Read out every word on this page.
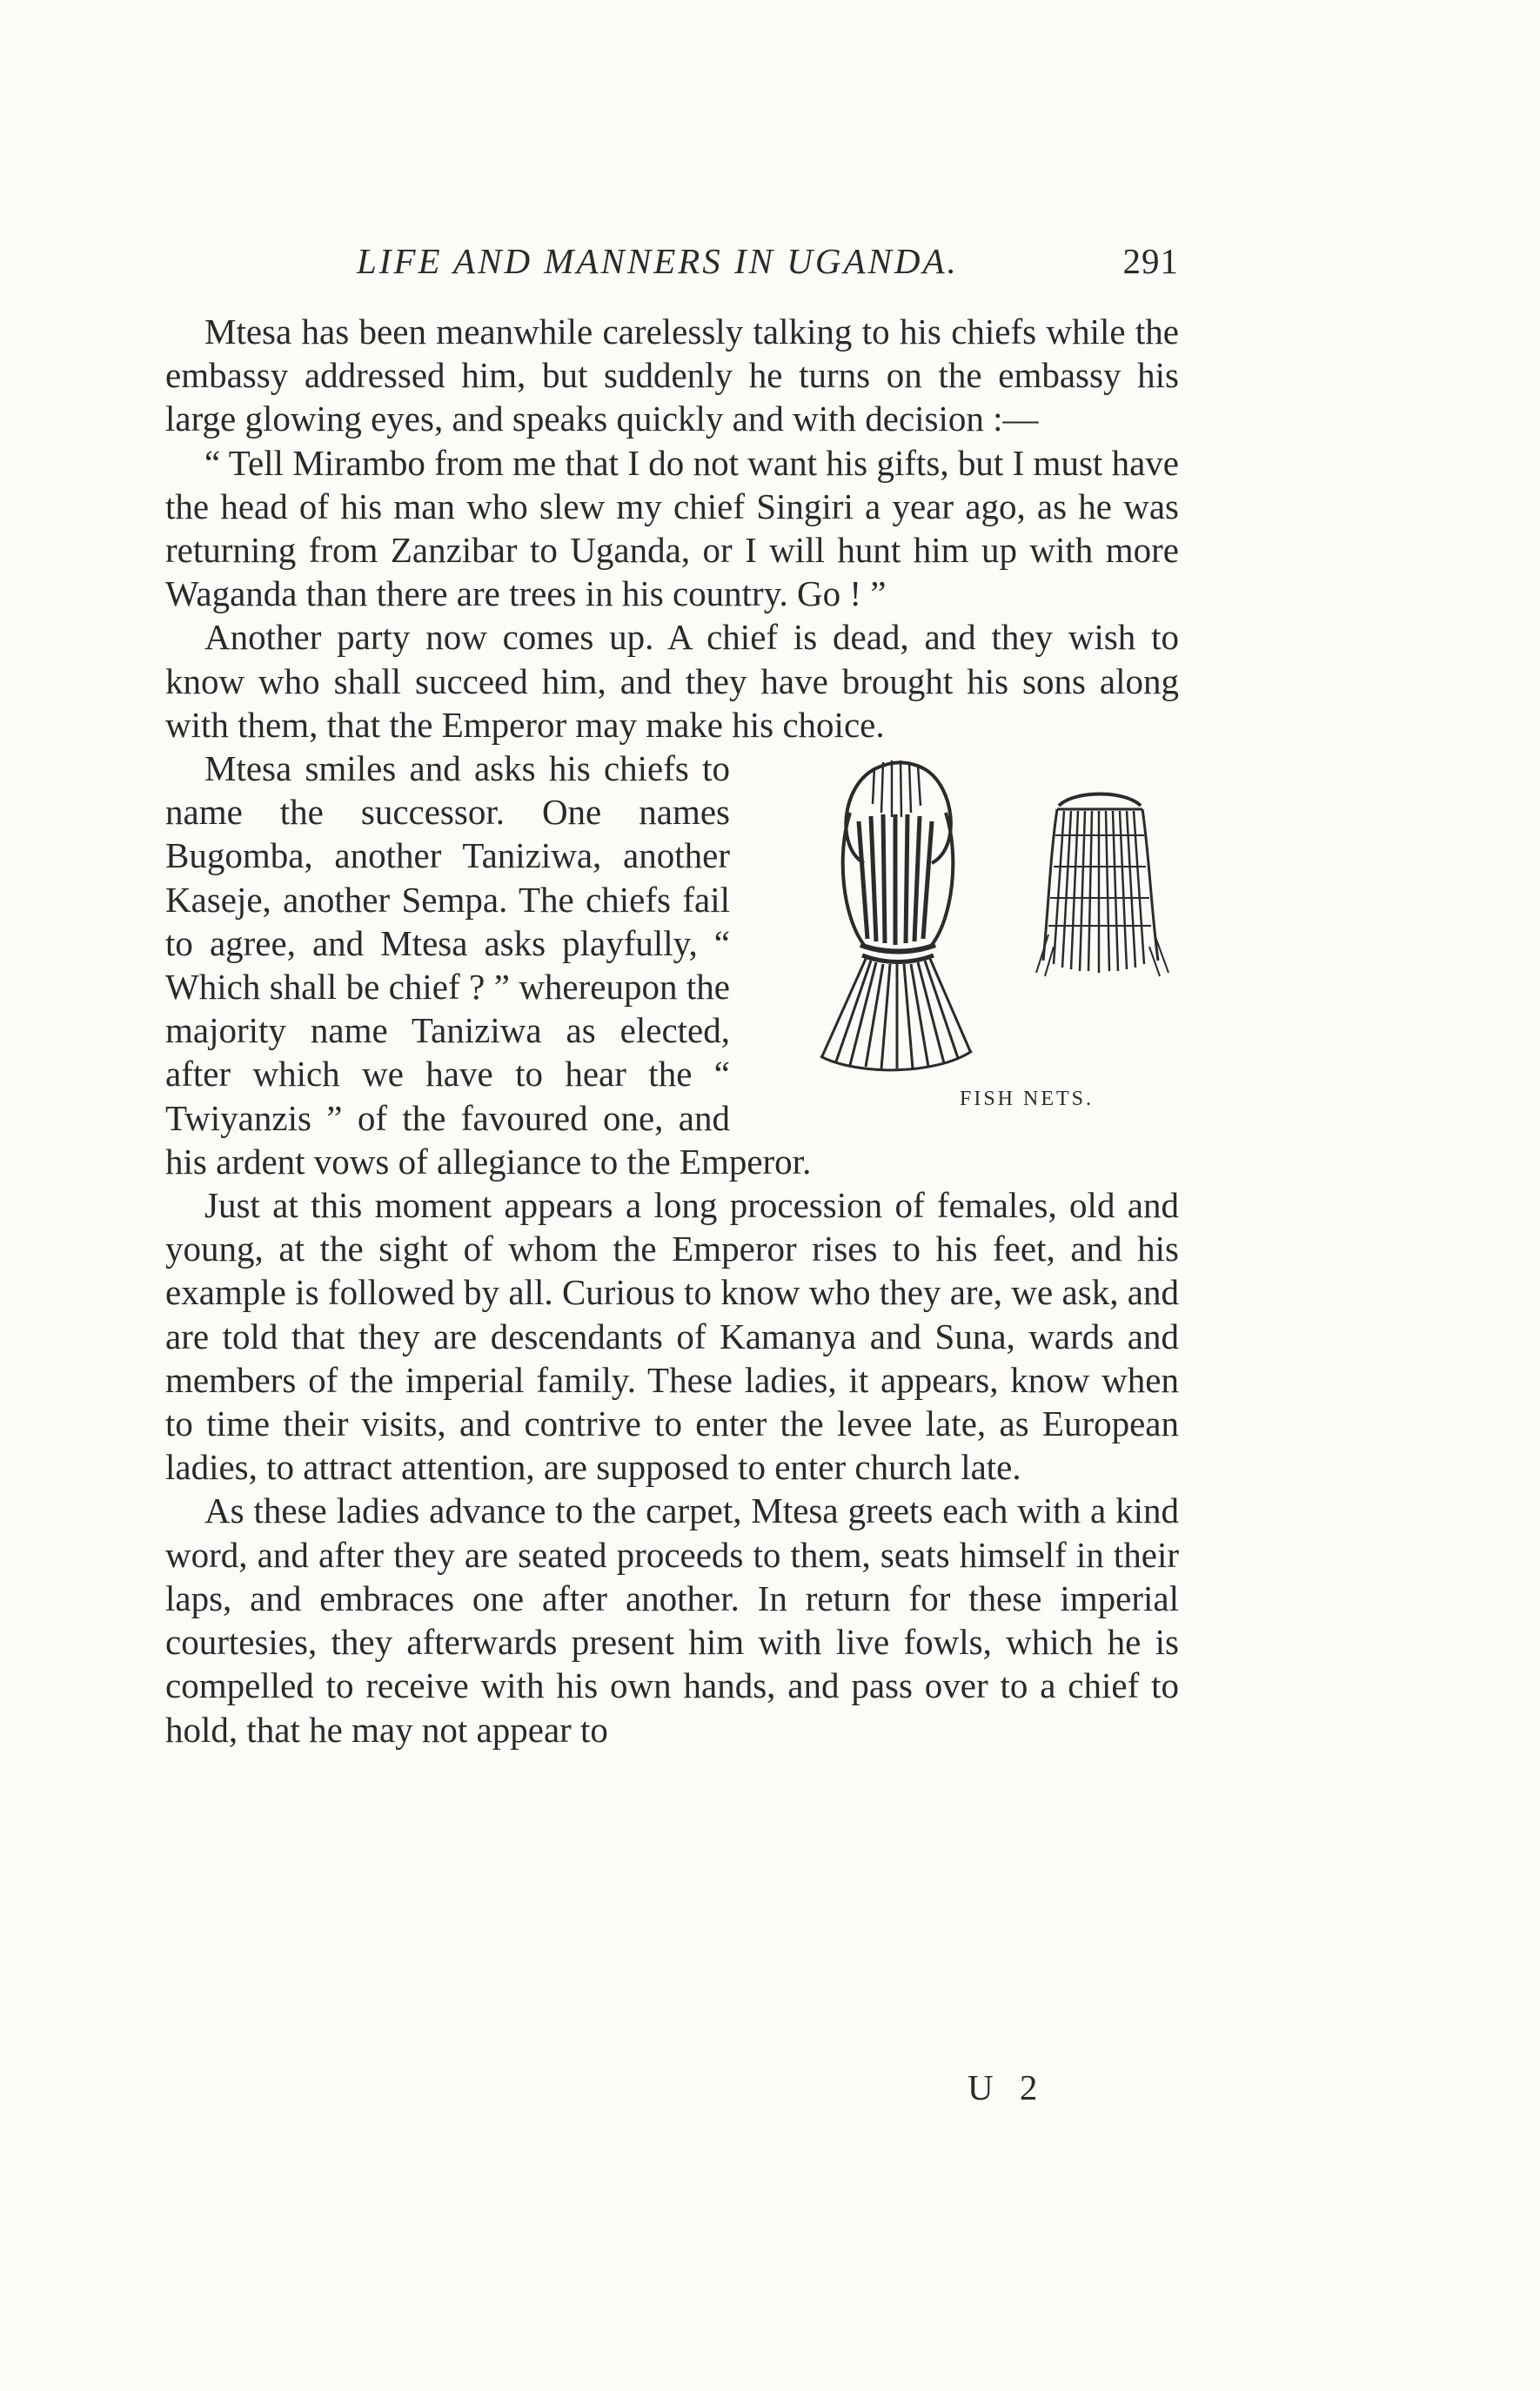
LIFE AND MANNERS IN UGANDA.	291

Mtesa has been meanwhile carelessly talking to his chiefs while the embassy addressed him, but suddenly he turns on the embassy his large glowing eyes, and speaks quickly and with decision :—

“ Tell Mirambo from me that I do not want his gifts, but I must have the head of his man who slew my chief Singiri a year ago, as he was returning from Zanzibar to Uganda, or I will hunt him up with more Waganda than there are trees in his country. Go ! ”

Another party now comes up. A chief is dead, and they wish to know who shall succeed him, and they have brought his sons along with them, that the Emperor may make his choice.

FISH NETS.

Mtesa smiles and asks his chiefs to name the successor. One names Bugomba, another Taniziwa, another Kaseje, another Sempa. The chiefs fail to agree, and Mtesa asks playfully, “ Which shall be chief ? ” whereupon the majority name Taniziwa as elected, after which we have to hear the “ Twiyanzis ” of the favoured one, and his ardent vows of allegiance to the Emperor.

Just at this moment appears a long procession of females, old and young, at the sight of whom the Emperor rises to his feet, and his example is followed by all. Curious to know who they are, we ask, and are told that they are descendants of Kamanya and Suna, wards and members of the imperial family. These ladies, it appears, know when to time their visits, and contrive to enter the levee late, as European ladies, to attract attention, are supposed to enter church late.

As these ladies advance to the carpet, Mtesa greets each with a kind word, and after they are seated proceeds to them, seats himself in their laps, and embraces one after another. In return for these imperial courtesies, they afterwards present him with live fowls, which he is compelled to receive with his own hands, and pass over to a chief to hold, that he may not appear to

U 2
